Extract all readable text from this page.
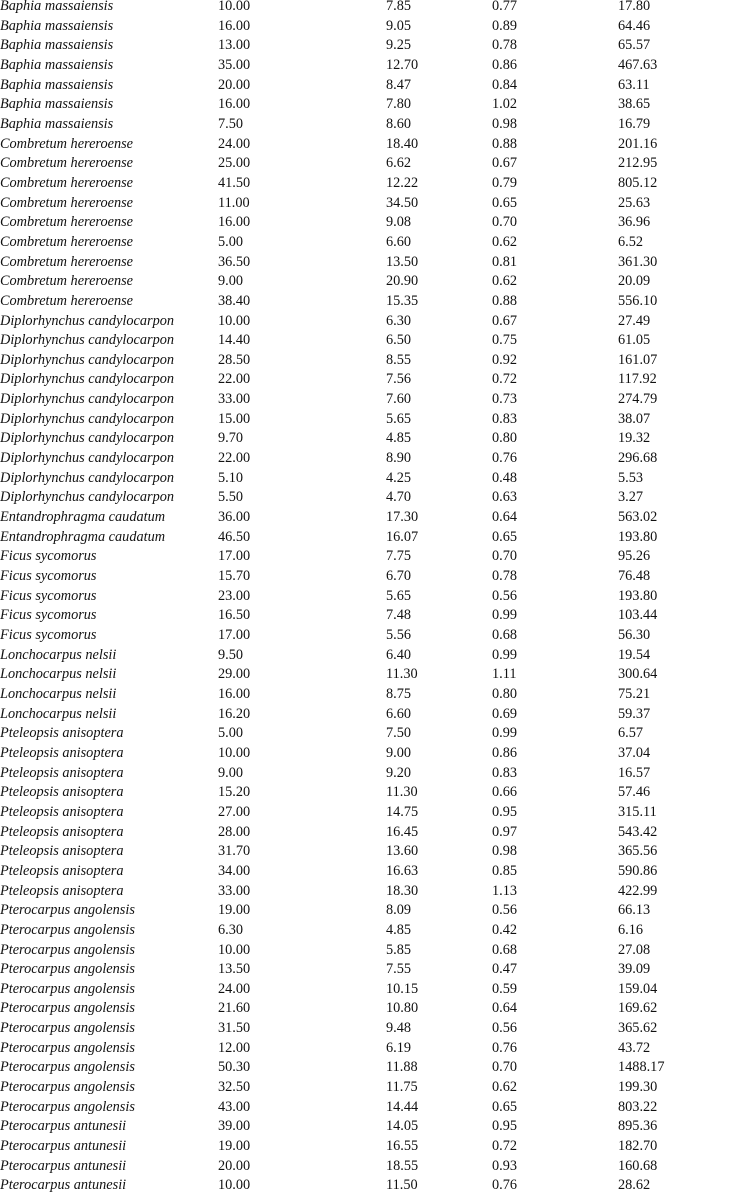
Baphia massaiensis	10.00	7.85	0.77	17.80
Baphia massaiensis	16.00	9.05	0.89	64.46
Baphia massaiensis	13.00	9.25	0.78	65.57
Baphia massaiensis	35.00	12.70	0.86	467.63
Baphia massaiensis	20.00	8.47	0.84	63.11
Baphia massaiensis	16.00	7.80	1.02	38.65
Baphia massaiensis	7.50	8.60	0.98	16.79
Combretum hereroense	24.00	18.40	0.88	201.16
Combretum hereroense	25.00	6.62	0.67	212.95
Combretum hereroense	41.50	12.22	0.79	805.12
Combretum hereroense	11.00	34.50	0.65	25.63
Combretum hereroense	16.00	9.08	0.70	36.96
Combretum hereroense	5.00	6.60	0.62	6.52
Combretum hereroense	36.50	13.50	0.81	361.30
Combretum hereroense	9.00	20.90	0.62	20.09
Combretum hereroense	38.40	15.35	0.88	556.10
Diplorhynchus candylocarpon	10.00	6.30	0.67	27.49
Diplorhynchus candylocarpon	14.40	6.50	0.75	61.05
Diplorhynchus candylocarpon	28.50	8.55	0.92	161.07
Diplorhynchus candylocarpon	22.00	7.56	0.72	117.92
Diplorhynchus candylocarpon	33.00	7.60	0.73	274.79
Diplorhynchus candylocarpon	15.00	5.65	0.83	38.07
Diplorhynchus candylocarpon	9.70	4.85	0.80	19.32
Diplorhynchus candylocarpon	22.00	8.90	0.76	296.68
Diplorhynchus candylocarpon	5.10	4.25	0.48	5.53
Diplorhynchus candylocarpon	5.50	4.70	0.63	3.27
Entandrophragma caudatum	36.00	17.30	0.64	563.02
Entandrophragma caudatum	46.50	16.07	0.65	193.80
Ficus sycomorus	17.00	7.75	0.70	95.26
Ficus sycomorus	15.70	6.70	0.78	76.48
Ficus sycomorus	23.00	5.65	0.56	193.80
Ficus sycomorus	16.50	7.48	0.99	103.44
Ficus sycomorus	17.00	5.56	0.68	56.30
Lonchocarpus nelsii	9.50	6.40	0.99	19.54
Lonchocarpus nelsii	29.00	11.30	1.11	300.64
Lonchocarpus nelsii	16.00	8.75	0.80	75.21
Lonchocarpus nelsii	16.20	6.60	0.69	59.37
Pteleopsis anisoptera	5.00	7.50	0.99	6.57
Pteleopsis anisoptera	10.00	9.00	0.86	37.04
Pteleopsis anisoptera	9.00	9.20	0.83	16.57
Pteleopsis anisoptera	15.20	11.30	0.66	57.46
Pteleopsis anisoptera	27.00	14.75	0.95	315.11
Pteleopsis anisoptera	28.00	16.45	0.97	543.42
Pteleopsis anisoptera	31.70	13.60	0.98	365.56
Pteleopsis anisoptera	34.00	16.63	0.85	590.86
Pteleopsis anisoptera	33.00	18.30	1.13	422.99
Pterocarpus angolensis	19.00	8.09	0.56	66.13
Pterocarpus angolensis	6.30	4.85	0.42	6.16
Pterocarpus angolensis	10.00	5.85	0.68	27.08
Pterocarpus angolensis	13.50	7.55	0.47	39.09
Pterocarpus angolensis	24.00	10.15	0.59	159.04
Pterocarpus angolensis	21.60	10.80	0.64	169.62
Pterocarpus angolensis	31.50	9.48	0.56	365.62
Pterocarpus angolensis	12.00	6.19	0.76	43.72
Pterocarpus angolensis	50.30	11.88	0.70	1488.17
Pterocarpus angolensis	32.50	11.75	0.62	199.30
Pterocarpus angolensis	43.00	14.44	0.65	803.22
Pterocarpus antunesii	39.00	14.05	0.95	895.36
Pterocarpus antunesii	19.00	16.55	0.72	182.70
Pterocarpus antunesii	20.00	18.55	0.93	160.68
Pterocarpus antunesii	10.00	11.50	0.76	28.62
